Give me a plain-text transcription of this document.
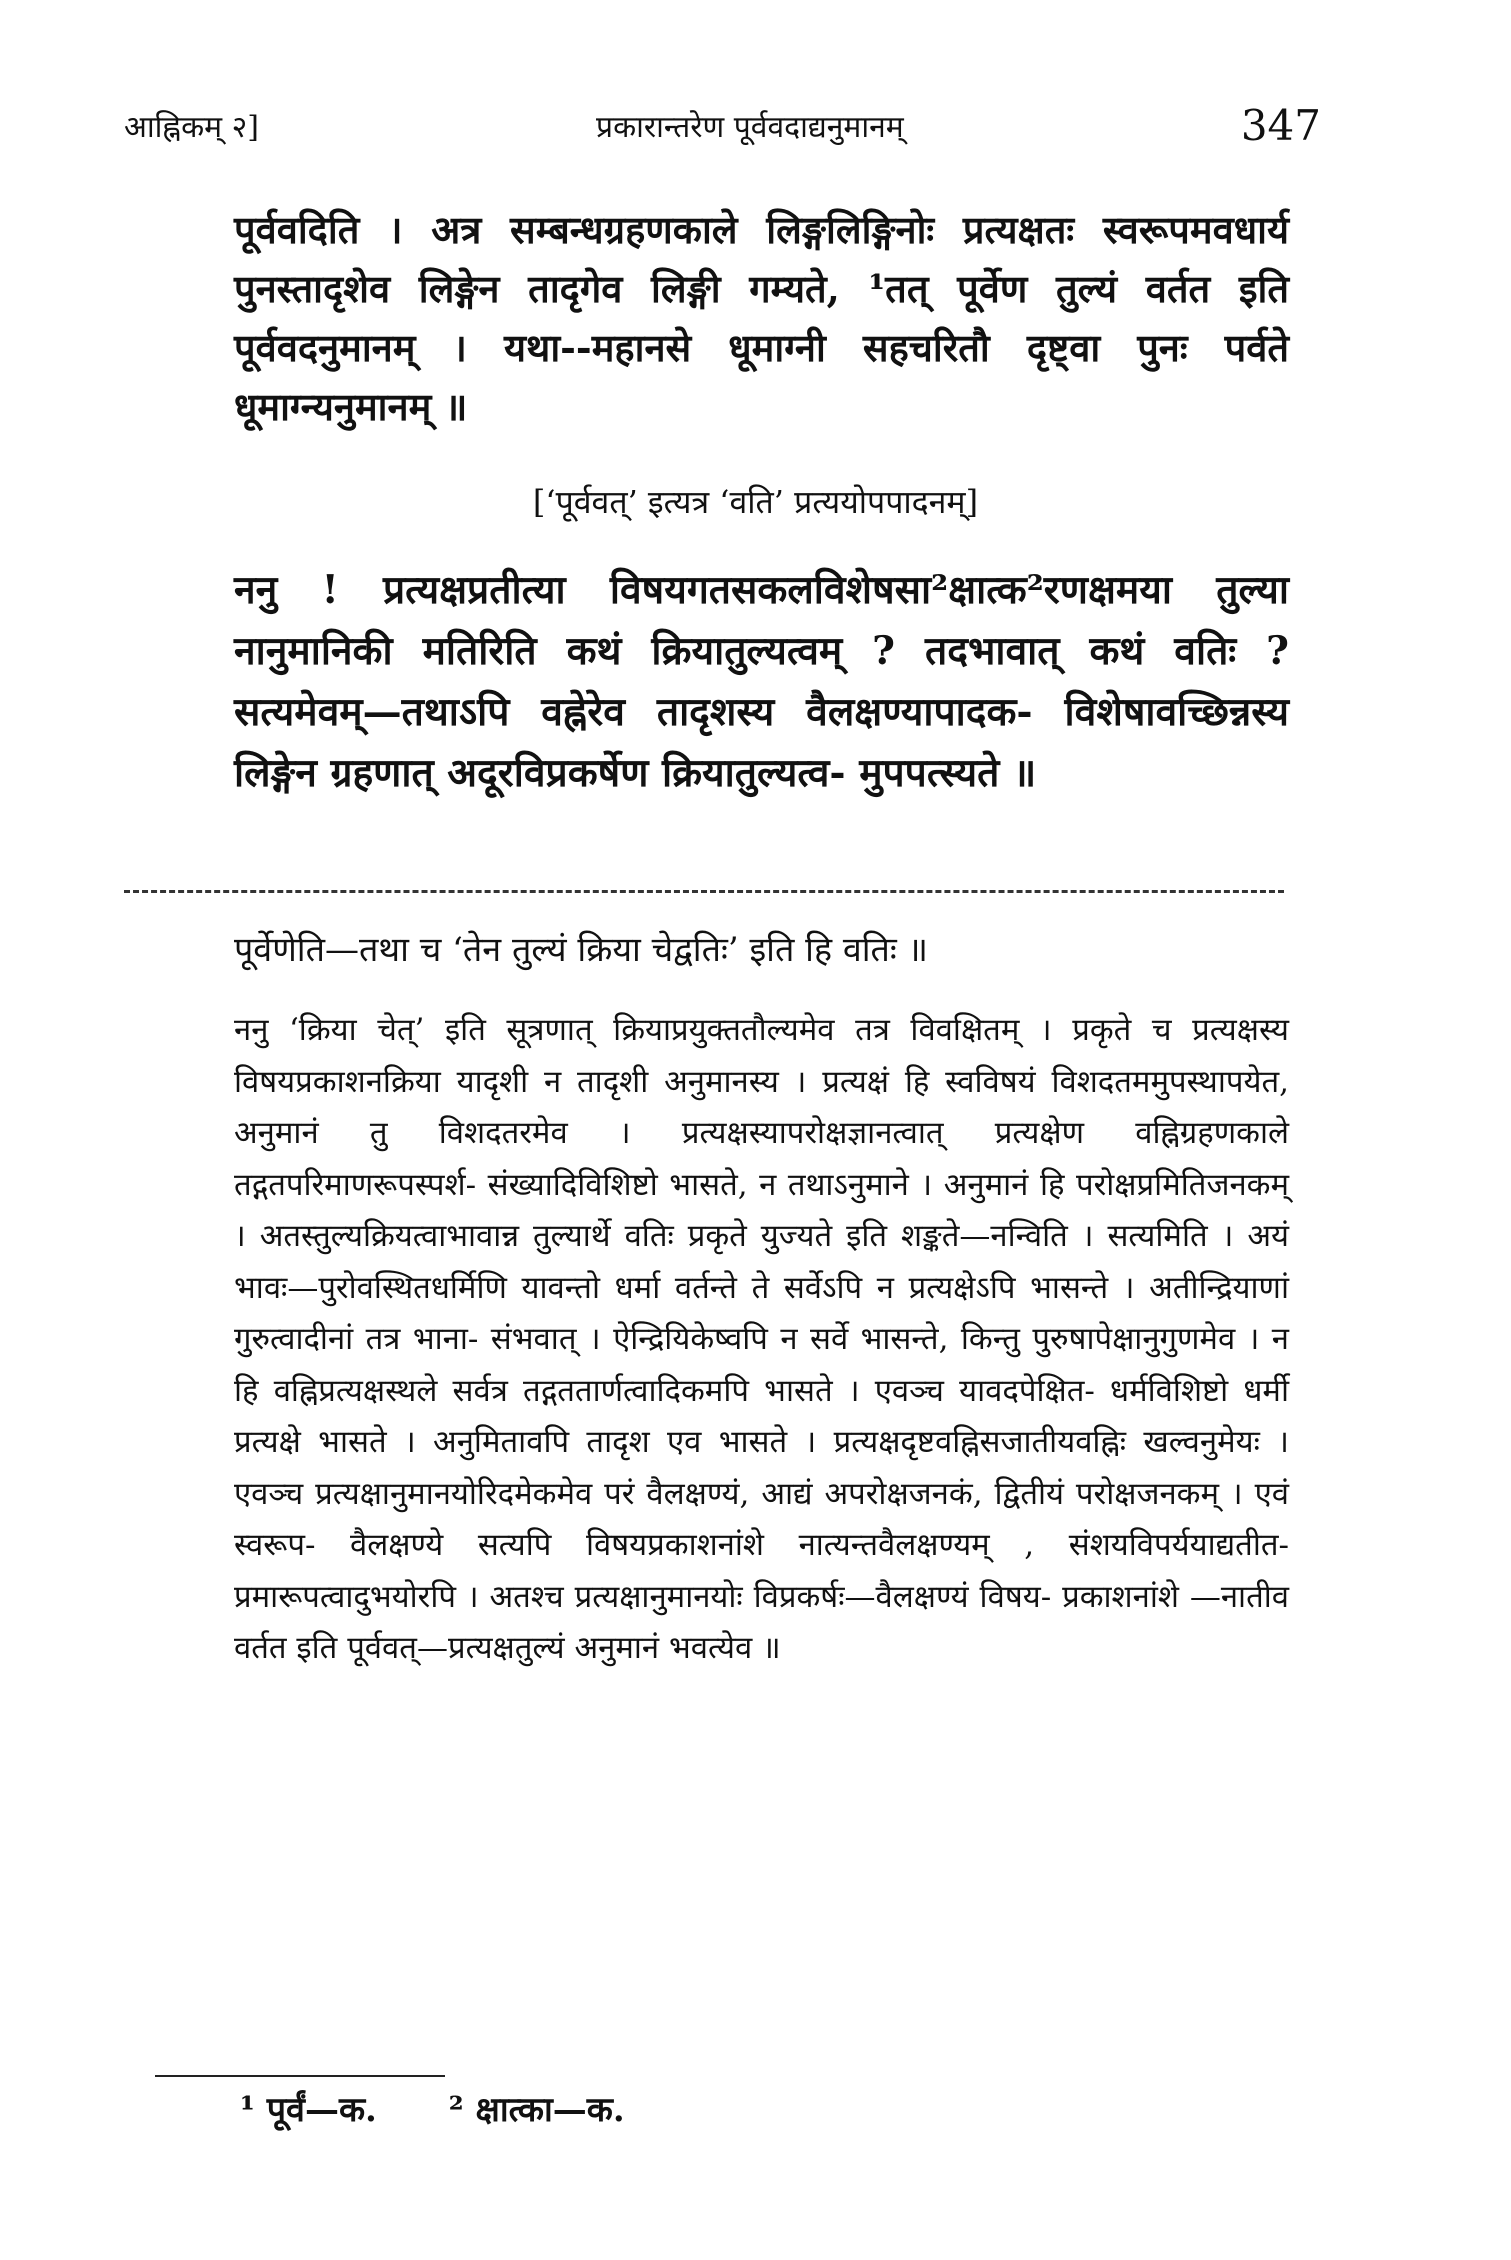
आह्निकम् २]	प्रकारान्तरेण पूर्ववदाद्यनुमानम्	347
पूर्ववदिति । अत्र सम्बन्धग्रहणकाले लिङ्गलिङ्गिनोः प्रत्यक्षतः स्वरूपमवधार्य पुनस्तादृशेव लिङ्गेन तादृगेव लिङ्गी गम्यते, ¹तत् पूर्वेण तुल्यं वर्तत इति पूर्ववदनुमानम् । यथा--महानसे धूमाग्नी सहचरितौ दृष्ट्वा पुनः पर्वते धूमाग्न्यनुमानम् ॥
[‘पूर्ववत्’ इत्यत्र ‘वति’ प्रत्ययोपपादनम्]
ननु ! प्रत्यक्षप्रतीत्या विषयगतसकलविशेषसा²क्षात्क²रणक्षमया तुल्या नानुमानिकी मतिरिति कथं क्रियातुल्यत्वम् ? तदभावात् कथं वतिः ? सत्यमेवम्—तथाऽपि वह्नेरेव तादृशस्य वैलक्षण्यापादक- विशेषावच्छिन्नस्य लिङ्गेन ग्रहणात् अदूरविप्रकर्षेण क्रियातुल्यत्व- मुपपत्स्यते ॥
पूर्वेणेति—तथा च ‘तेन तुल्यं क्रिया चेद्वतिः’ इति हि वतिः ॥
ननु ‘क्रिया चेत्’ इति सूत्रणात् क्रियाप्रयुक्ततौल्यमेव तत्र विवक्षितम् । प्रकृते च प्रत्यक्षस्य विषयप्रकाशनक्रिया यादृशी न तादृशी अनुमानस्य । प्रत्यक्षं हि स्वविषयं विशदतममुपस्थापयेत, अनुमानं तु विशदतरमेव । प्रत्यक्षस्यापरोक्षज्ञानत्वात् प्रत्यक्षेण वह्निग्रहणकाले तद्गतपरिमाणरूपस्पर्श- संख्यादिविशिष्टो भासते, न तथाऽनुमाने । अनुमानं हि परोक्षप्रमितिजनकम् । अतस्तुल्यक्रियत्वाभावान्न तुल्यार्थे वतिः प्रकृते युज्यते इति शङ्कते—नन्विति । सत्यमिति । अयं भावः—पुरोवस्थितधर्मिणि यावन्तो धर्मा वर्तन्ते ते सर्वेऽपि न प्रत्यक्षेऽपि भासन्ते । अतीन्द्रियाणां गुरुत्वादीनां तत्र भाना- संभवात् । ऐन्द्रियिकेष्वपि न सर्वे भासन्ते, किन्तु पुरुषापेक्षानुगुणमेव । न हि वह्निप्रत्यक्षस्थले सर्वत्र तद्गततार्णत्वादिकमपि भासते । एवञ्च यावदपेक्षित- धर्मविशिष्टो धर्मी प्रत्यक्षे भासते । अनुमितावपि तादृश एव भासते । प्रत्यक्षदृष्टवह्निसजातीयवह्निः खल्वनुमेयः । एवञ्च प्रत्यक्षानुमानयोरिदमेकमेव परं वैलक्षण्यं, आद्यं अपरोक्षजनकं, द्वितीयं परोक्षजनकम् । एवं स्वरूप- वैलक्षण्ये सत्यपि विषयप्रकाशनांशे नात्यन्तवैलक्षण्यम् , संशयविपर्ययाद्यतीत- प्रमारूपत्वादुभयोरपि । अतश्च प्रत्यक्षानुमानयोः विप्रकर्षः—वैलक्षण्यं विषय- प्रकाशनांशे —नातीव वर्तत इति पूर्ववत्—प्रत्यक्षतुल्यं अनुमानं भवत्येव ॥
¹ पूर्वं—क. ² क्षात्का—क.
